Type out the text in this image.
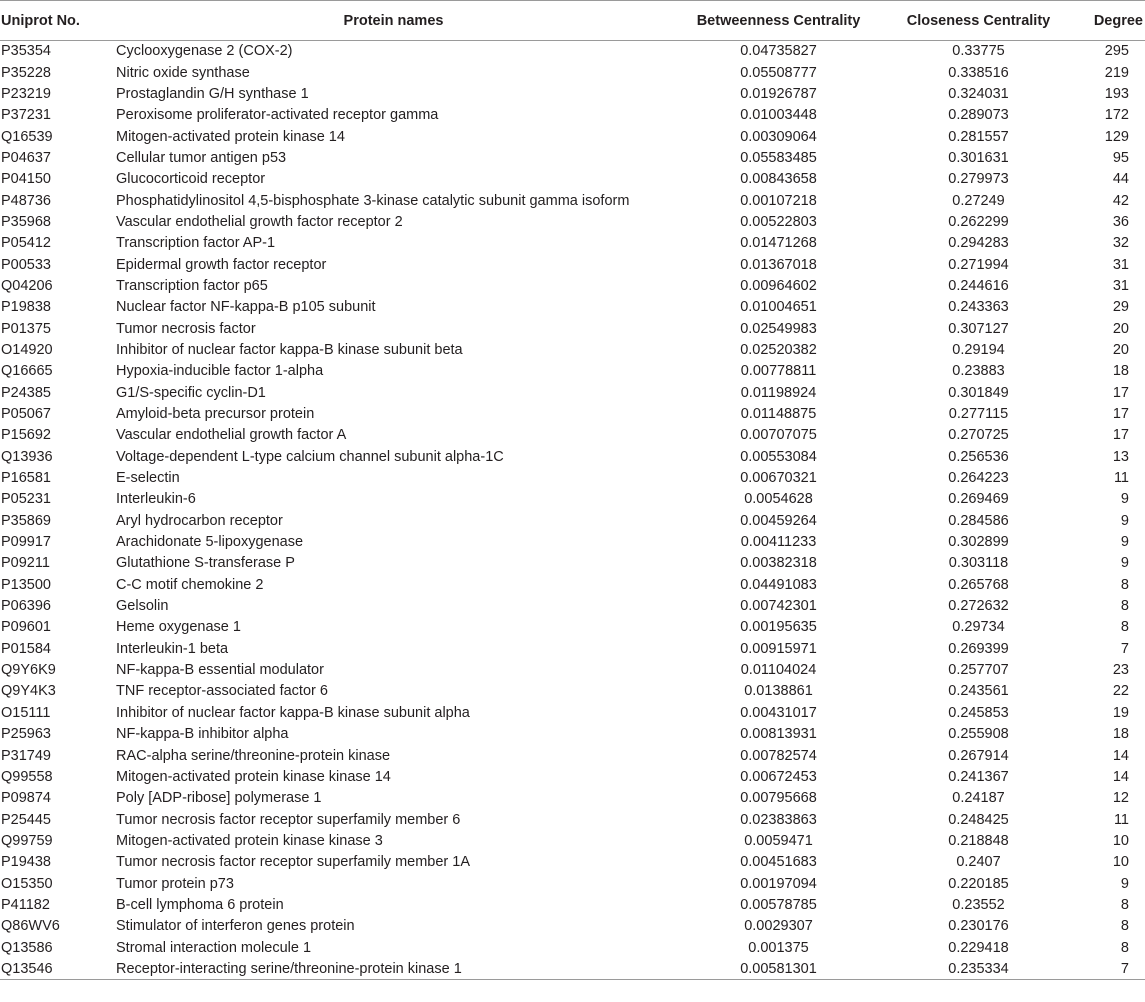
Uniprot No.	Protein names	Betweenness Centrality	Closeness Centrality	Degree
P35354	Cyclooxygenase 2 (COX-2)	0.04735827	0.33775	295
P35228	Nitric oxide synthase	0.05508777	0.338516	219
P23219	Prostaglandin G/H synthase 1	0.01926787	0.324031	193
P37231	Peroxisome proliferator-activated receptor gamma	0.01003448	0.289073	172
Q16539	Mitogen-activated protein kinase 14	0.00309064	0.281557	129
P04637	Cellular tumor antigen p53	0.05583485	0.301631	95
P04150	Glucocorticoid receptor	0.00843658	0.279973	44
P48736	Phosphatidylinositol 4,5-bisphosphate 3-kinase catalytic subunit gamma isoform	0.00107218	0.27249	42
P35968	Vascular endothelial growth factor receptor 2	0.00522803	0.262299	36
P05412	Transcription factor AP-1	0.01471268	0.294283	32
P00533	Epidermal growth factor receptor	0.01367018	0.271994	31
Q04206	Transcription factor p65	0.00964602	0.244616	31
P19838	Nuclear factor NF-kappa-B p105 subunit	0.01004651	0.243363	29
P01375	Tumor necrosis factor	0.02549983	0.307127	20
O14920	Inhibitor of nuclear factor kappa-B kinase subunit beta	0.02520382	0.29194	20
Q16665	Hypoxia-inducible factor 1-alpha	0.00778811	0.23883	18
P24385	G1/S-specific cyclin-D1	0.01198924	0.301849	17
P05067	Amyloid-beta precursor protein	0.01148875	0.277115	17
P15692	Vascular endothelial growth factor A	0.00707075	0.270725	17
Q13936	Voltage-dependent L-type calcium channel subunit alpha-1C	0.00553084	0.256536	13
P16581	E-selectin	0.00670321	0.264223	11
P05231	Interleukin-6	0.0054628	0.269469	9
P35869	Aryl hydrocarbon receptor	0.00459264	0.284586	9
P09917	Arachidonate 5-lipoxygenase	0.00411233	0.302899	9
P09211	Glutathione S-transferase P	0.00382318	0.303118	9
P13500	C-C motif chemokine 2	0.04491083	0.265768	8
P06396	Gelsolin	0.00742301	0.272632	8
P09601	Heme oxygenase 1	0.00195635	0.29734	8
P01584	Interleukin-1 beta	0.00915971	0.269399	7
Q9Y6K9	NF-kappa-B essential modulator	0.01104024	0.257707	23
Q9Y4K3	TNF receptor-associated factor 6	0.0138861	0.243561	22
O15111	Inhibitor of nuclear factor kappa-B kinase subunit alpha	0.00431017	0.245853	19
P25963	NF-kappa-B inhibitor alpha	0.00813931	0.255908	18
P31749	RAC-alpha serine/threonine-protein kinase	0.00782574	0.267914	14
Q99558	Mitogen-activated protein kinase kinase 14	0.00672453	0.241367	14
P09874	Poly [ADP-ribose] polymerase 1	0.00795668	0.24187	12
P25445	Tumor necrosis factor receptor superfamily member 6	0.02383863	0.248425	11
Q99759	Mitogen-activated protein kinase kinase 3	0.0059471	0.218848	10
P19438	Tumor necrosis factor receptor superfamily member 1A	0.00451683	0.2407	10
O15350	Tumor protein p73	0.00197094	0.220185	9
P41182	B-cell lymphoma 6 protein	0.00578785	0.23552	8
Q86WV6	Stimulator of interferon genes protein	0.0029307	0.230176	8
Q13586	Stromal interaction molecule 1	0.001375	0.229418	8
Q13546	Receptor-interacting serine/threonine-protein kinase 1	0.00581301	0.235334	7
